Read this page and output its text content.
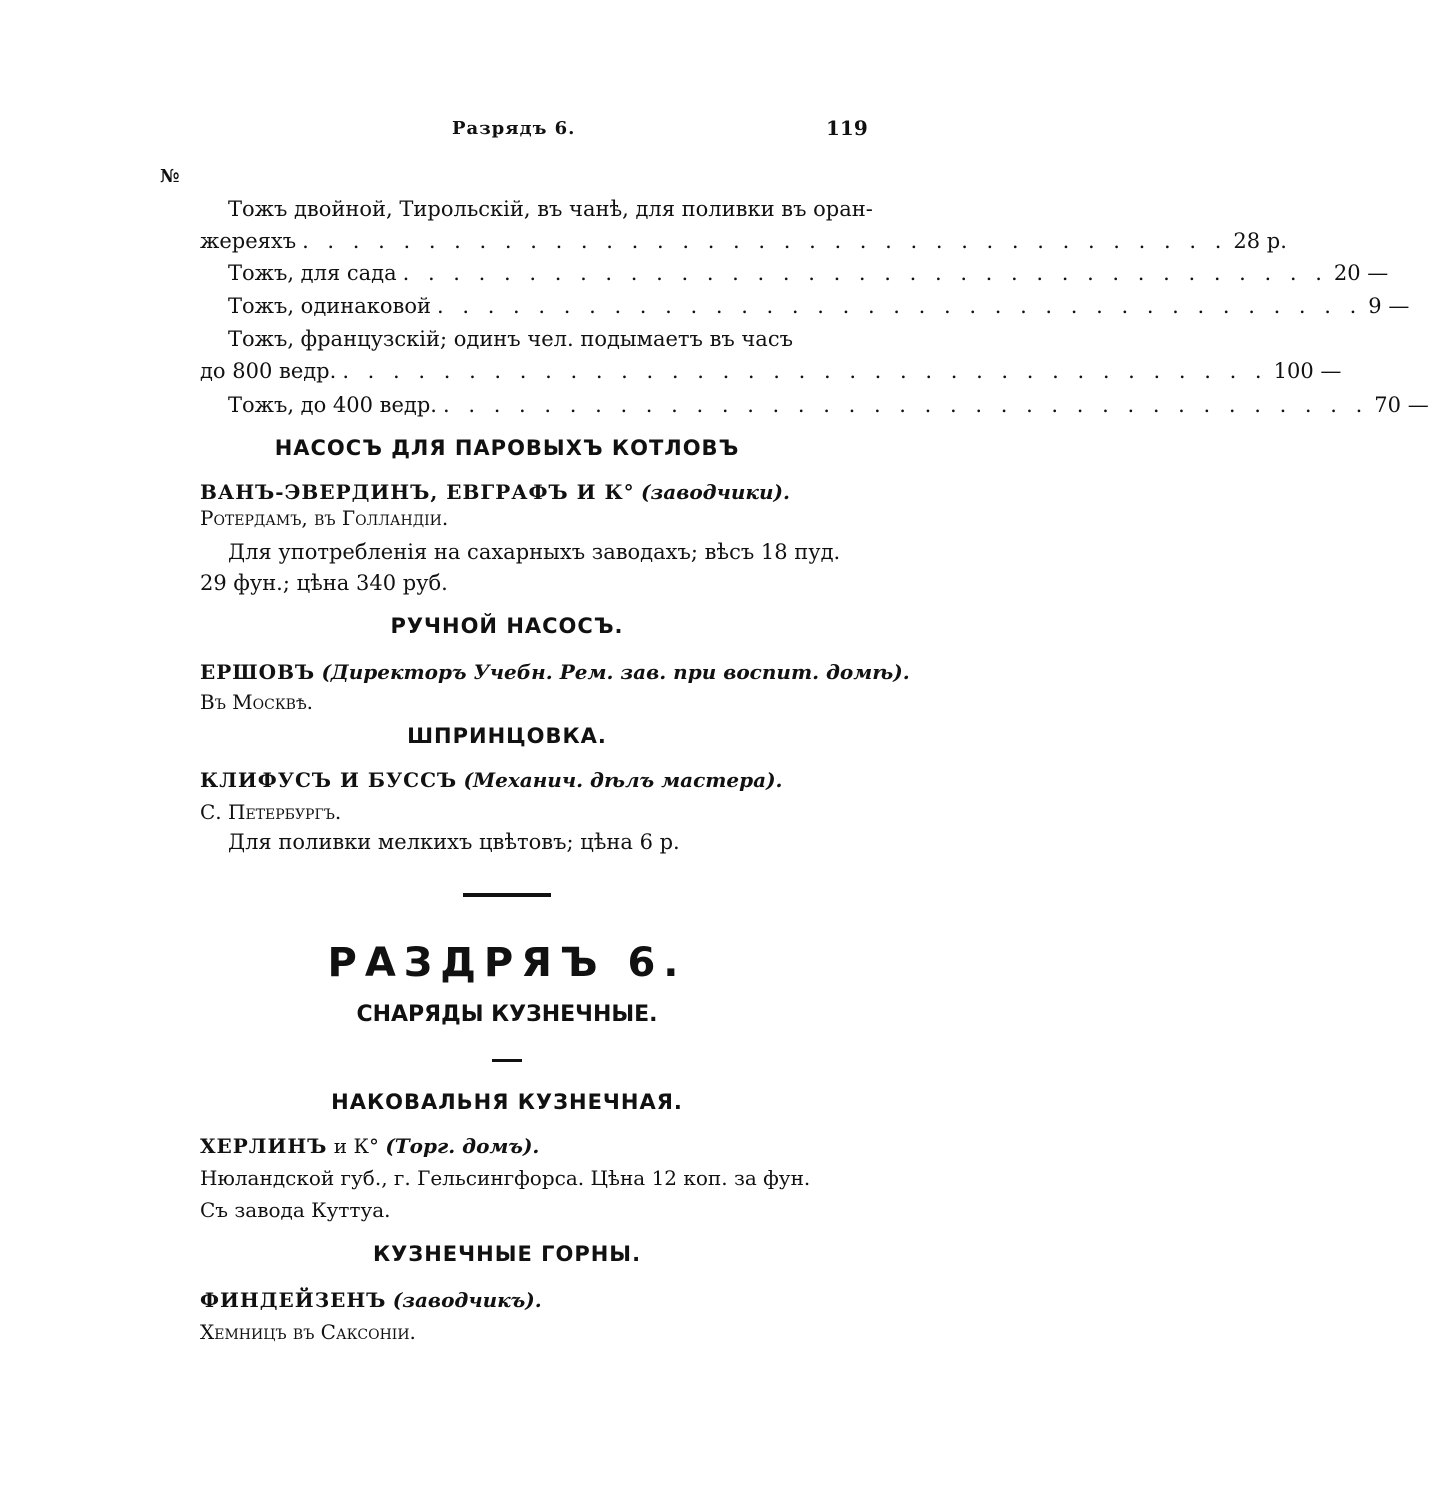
Разрядъ 6.	119
№
Тожъ двойной, Тирольскій, въ чанѣ, для поливки въ оран-
жереяхъ . . . . . . . . . . . . . . . . . . . . . . . . . . . . . . . . . . . . . 28 р.
Тожъ, для сада . . . . . . . . . . . . . . . . . . . . . . . . . . . . . . . . . . . . . 20 —
Тожъ, одинаковой . . . . . . . . . . . . . . . . . . . . . . . . . . . . . . . . . . . . . 9 —
Тожъ, французскій; одинъ чел. подымаетъ въ часъ
до 800 ведр. . . . . . . . . . . . . . . . . . . . . . . . . . . . . . . . . . . . . . 100 —
Тожъ, до 400 ведр. . . . . . . . . . . . . . . . . . . . . . . . . . . . . . . . . . . . . . 70 —
НАСОСЪ ДЛЯ ПАРОВЫХЪ КОТЛОВЪ
ВАНЪ-ЭВЕРДИНЪ, ЕВГРАФЪ И К° (заводчики).
Ротердамъ, въ Голландіи.
Для употребленія на сахарныхъ заводахъ; вѣсъ 18 пуд.
29 фун.; цѣна 340 руб.
РУЧНОЙ НАСОСЪ.
ЕРШОВЪ (Директоръ Учебн. Рем. зав. при воспит. домѣ).
Въ Москвѣ.
ШПРИНЦОВКА.
КЛИФУСЪ И БУССЪ (Механич. дѣлъ мастера).
С. Петербургъ.
Для поливки мелкихъ цвѣтовъ; цѣна 6 р.
РАЗДРЯЪ 6.
СНАРЯДЫ КУЗНЕЧНЫЕ.
НАКОВАЛЬНЯ КУЗНЕЧНАЯ.
ХЕРЛИНЪ и К° (Торг. домъ).
Нюландской губ., г. Гельсингфорса. Цѣна 12 коп. за фун.
Съ завода Куттуа.
КУЗНЕЧНЫЕ ГОРНЫ.
ФИНДЕЙЗЕНЪ (заводчикъ).
Хемницъ въ Саксоніи.
